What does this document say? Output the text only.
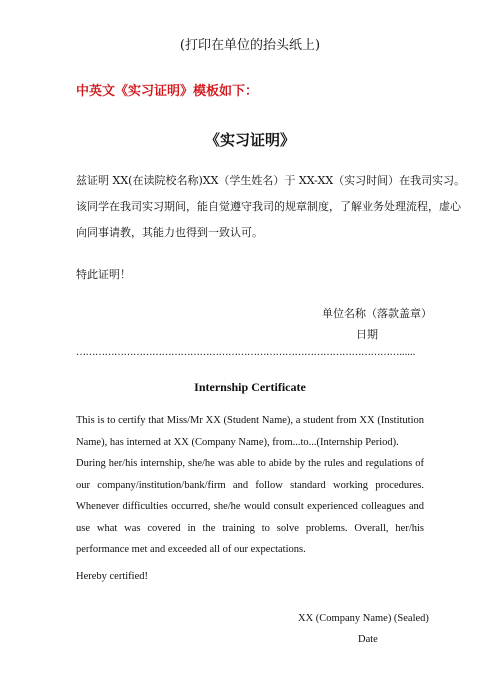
(打印在单位的抬头纸上)
中英文《实习证明》模板如下：
《实习证明》
兹证明 XX(在读院校名称)XX（学生姓名）于 XX-XX（实习时间）在我司实习。
该同学在我司实习期间，能自觉遵守我司的规章制度，了解业务处理流程，虚心
向同事请教，其能力也得到一致认可。
特此证明！
单位名称（落款盖章）
日期
…………………………………………………………………………………………......
Internship Certificate

This is to certify that Miss/Mr XX (Student Name), a student from XX (Institution Name), has interned at XX (Company Name), from...to...(Internship Period).

During her/his internship, she/he was able to abide by the rules and regulations of our company/institution/bank/firm and follow standard working procedures. Whenever difficulties occurred, she/he would consult experienced colleagues and use what was covered in the training to solve problems. Overall, her/his performance met and exceeded all of our expectations.

Hereby certified!
XX (Company Name) (Sealed)
Date
